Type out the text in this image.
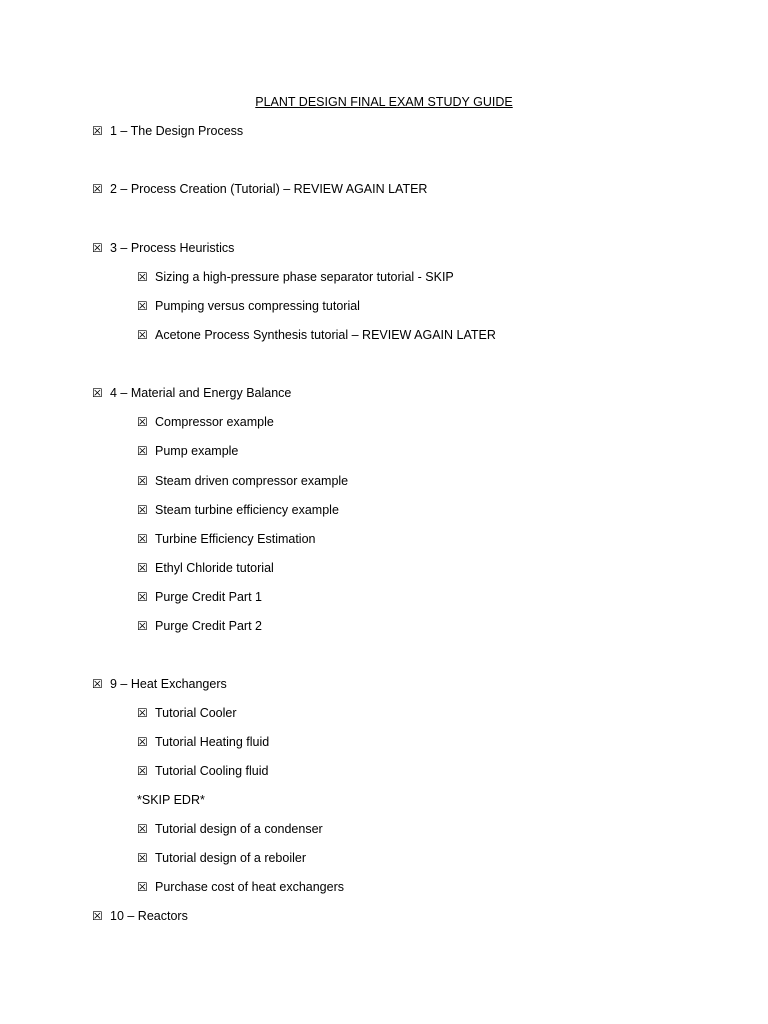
PLANT DESIGN FINAL EXAM STUDY GUIDE
☒ 1 – The Design Process
☒ 2 – Process Creation (Tutorial) – REVIEW AGAIN LATER
☒ 3 – Process Heuristics
☒ Sizing a high-pressure phase separator tutorial - SKIP
☒ Pumping versus compressing tutorial
☒ Acetone Process Synthesis tutorial – REVIEW AGAIN LATER
☒ 4 – Material and Energy Balance
☒ Compressor example
☒ Pump example
☒ Steam driven compressor example
☒ Steam turbine efficiency example
☒ Turbine Efficiency Estimation
☒ Ethyl Chloride tutorial
☒ Purge Credit Part 1
☒ Purge Credit Part 2
☒ 9 – Heat Exchangers
☒ Tutorial Cooler
☒ Tutorial Heating fluid
☒ Tutorial Cooling fluid
*SKIP EDR*
☒ Tutorial design of a condenser
☒ Tutorial design of a reboiler
☒ Purchase cost of heat exchangers
☒ 10 – Reactors
